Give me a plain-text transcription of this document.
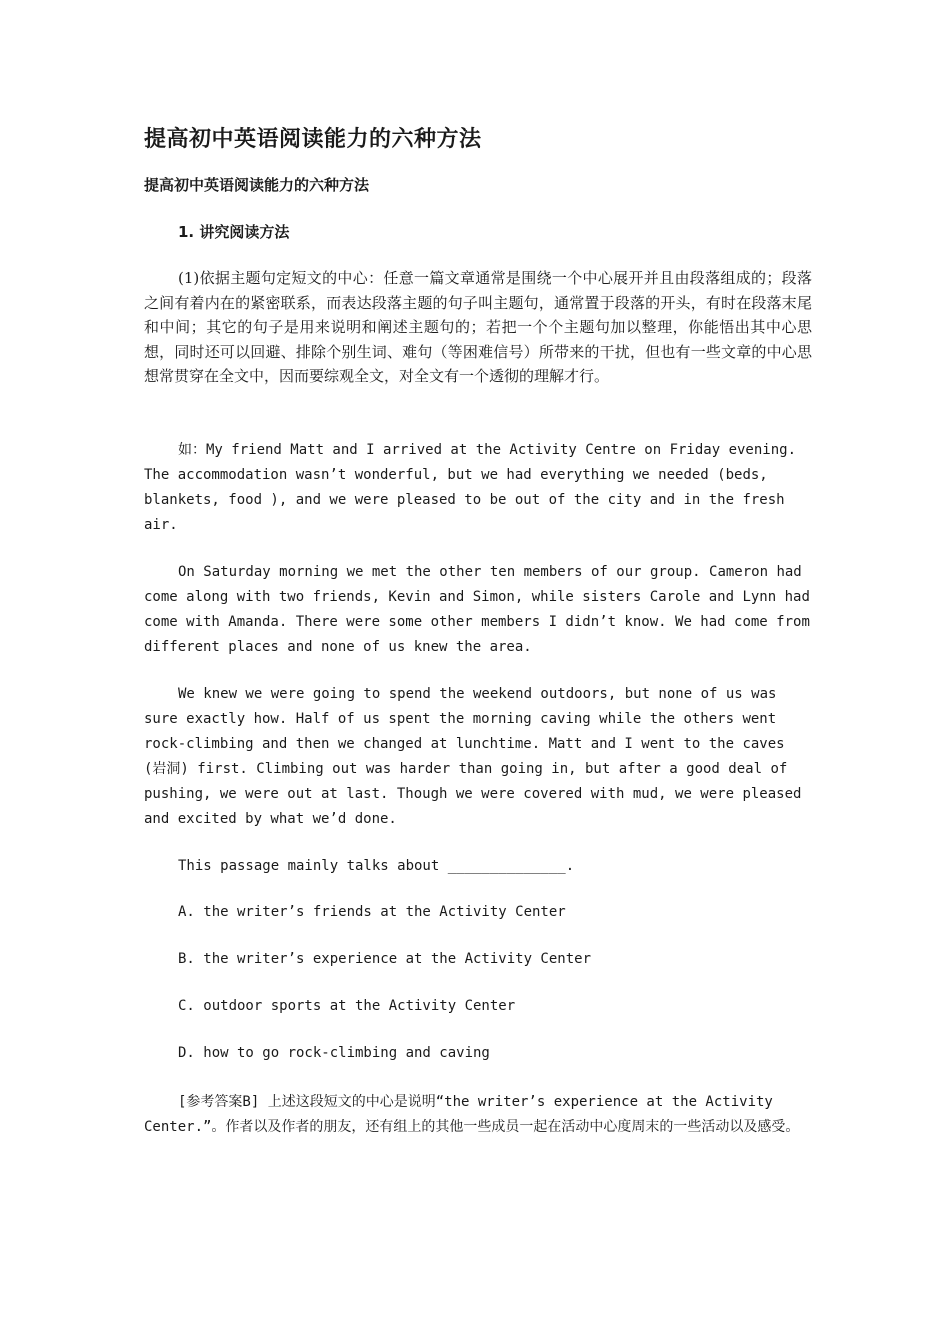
提高初中英语阅读能力的六种方法
提高初中英语阅读能力的六种方法
1. 讲究阅读方法

(1)依据主题句定短文的中心：任意一篇文章通常是围绕一个中心展开并且由段落组成的；段落之间有着内在的紧密联系，而表达段落主题的句子叫主题句，通常置于段落的开头，有时在段落末尾和中间；其它的句子是用来说明和阐述主题句的；若把一个个主题句加以整理，你能悟出其中心思想，同时还可以回避、排除个别生词、难句（等困难信号）所带来的干扰，但也有一些文章的中心思想常贯穿在全文中，因而要综观全文，对全文有一个透彻的理解才行。

如：My friend Matt and I arrived at the Activity Centre on Friday evening. The accommodation wasn’t wonderful, but we had everything we needed (beds, blankets, food ), and we were pleased to be out of the city and in the fresh air.

On Saturday morning we met the other ten members of our group. Cameron had come along with two friends, Kevin and Simon, while sisters Carole and Lynn had come with Amanda. There were some other members I didn’t know. We had come from different places and none of us knew the area.

We knew we were going to spend the weekend outdoors, but none of us was sure exactly how. Half of us spent the morning caving while the others went rock-climbing and then we changed at lunchtime. Matt and I went to the caves (岩洞) first. Climbing out was harder than going in, but after a good deal of pushing, we were out at last. Though we were covered with mud, we were pleased and excited by what we’d done.

This passage mainly talks about ______________.

A. the writer’s friends at the Activity Center
B. the writer’s experience at the Activity Center
C. outdoor sports at the Activity Center
D. how to go rock-climbing and caving

[参考答案B] 上述这段短文的中心是说明“the writer’s experience at the Activity Center.”。作者以及作者的朋友，还有组上的其他一些成员一起在活动中心度周末的一些活动以及感受。
